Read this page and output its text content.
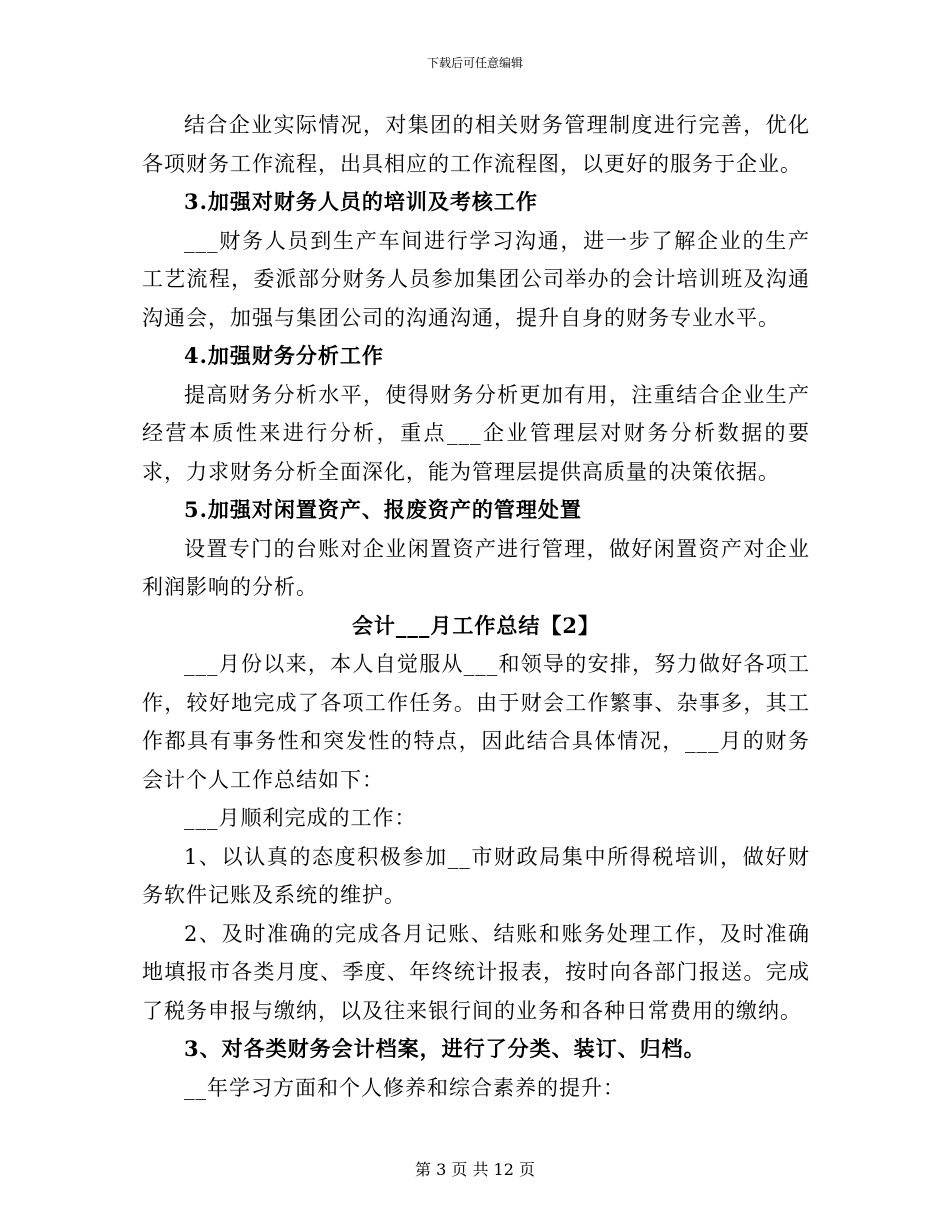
下载后可任意编辑

结合企业实际情况，对集团的相关财务管理制度进行完善，优化各项财务工作流程，出具相应的工作流程图，以更好的服务于企业。

3.加强对财务人员的培训及考核工作

___财务人员到生产车间进行学习沟通，进一步了解企业的生产工艺流程，委派部分财务人员参加集团公司举办的会计培训班及沟通沟通会，加强与集团公司的沟通沟通，提升自身的财务专业水平。

4.加强财务分析工作

提高财务分析水平，使得财务分析更加有用，注重结合企业生产经营本质性来进行分析，重点___企业管理层对财务分析数据的要求，力求财务分析全面深化，能为管理层提供高质量的决策依据。

5.加强对闲置资产、报废资产的管理处置

设置专门的台账对企业闲置资产进行管理，做好闲置资产对企业利润影响的分析。

会计___月工作总结【2】

___月份以来，本人自觉服从___和领导的安排，努力做好各项工作，较好地完成了各项工作任务。由于财会工作繁事、杂事多，其工作都具有事务性和突发性的特点，因此结合具体情况，___月的财务会计个人工作总结如下：

___月顺利完成的工作：

1、以认真的态度积极参加__市财政局集中所得税培训，做好财务软件记账及系统的维护。

2、及时准确的完成各月记账、结账和账务处理工作，及时准确地填报市各类月度、季度、年终统计报表，按时向各部门报送。完成了税务申报与缴纳，以及往来银行间的业务和各种日常费用的缴纳。

3、对各类财务会计档案，进行了分类、装订、归档。

__年学习方面和个人修养和综合素养的提升：

第 3 页 共 12 页
